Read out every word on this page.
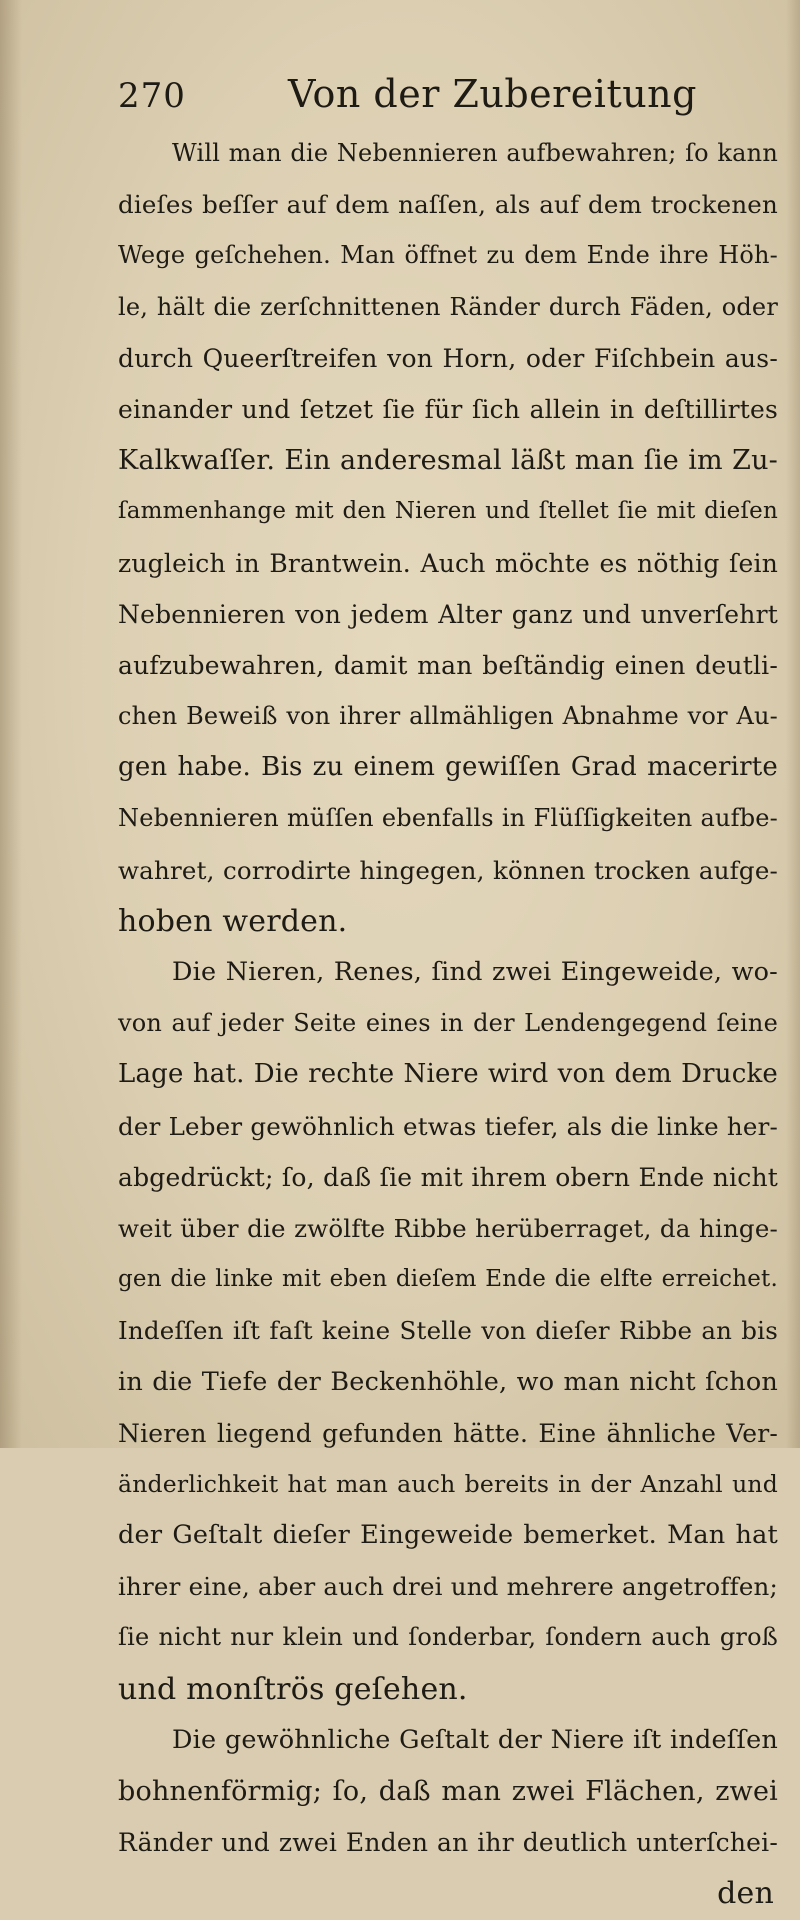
270	Von der Zubereitung
Will man die Nebennieren aufbewahren; ſo kann
dieſes beſſer auf dem naſſen, als auf dem trockenen
Wege geſchehen. Man öffnet zu dem Ende ihre Höh-
le, hält die zerſchnittenen Ränder durch Fäden, oder
durch Queerſtreifen von Horn, oder Fiſchbein aus-
einander und ſetzet ſie für ſich allein in deſtillirtes
Kalkwaſſer. Ein anderesmal läßt man ſie im Zu-
ſammenhange mit den Nieren und ſtellet ſie mit dieſen
zugleich in Brantwein. Auch möchte es nöthig ſein
Nebennieren von jedem Alter ganz und unverſehrt
aufzubewahren, damit man beſtändig einen deutli-
chen Beweiß von ihrer allmähligen Abnahme vor Au-
gen habe. Bis zu einem gewiſſen Grad macerirte
Nebennieren müſſen ebenfalls in Flüſſigkeiten aufbe-
wahret, corrodirte hingegen, können trocken aufge-
hoben werden.
Die Nieren, Renes, ſind zwei Eingeweide, wo-
von auf jeder Seite eines in der Lendengegend ſeine
Lage hat. Die rechte Niere wird von dem Drucke
der Leber gewöhnlich etwas tiefer, als die linke her-
abgedrückt; ſo, daß ſie mit ihrem obern Ende nicht
weit über die zwölfte Ribbe herüberraget, da hinge-
gen die linke mit eben dieſem Ende die elfte erreichet.
Indeſſen iſt faſt keine Stelle von dieſer Ribbe an bis
in die Tiefe der Beckenhöhle, wo man nicht ſchon
Nieren liegend gefunden hätte. Eine ähnliche Ver-
änderlichkeit hat man auch bereits in der Anzahl und
der Geſtalt dieſer Eingeweide bemerket. Man hat
ihrer eine, aber auch drei und mehrere angetroffen;
ſie nicht nur klein und ſonderbar, ſondern auch groß
und monſtrös geſehen.
Die gewöhnliche Geſtalt der Niere iſt indeſſen
bohnenförmig; ſo, daß man zwei Flächen, zwei
Ränder und zwei Enden an ihr deutlich unterſchei-
den
